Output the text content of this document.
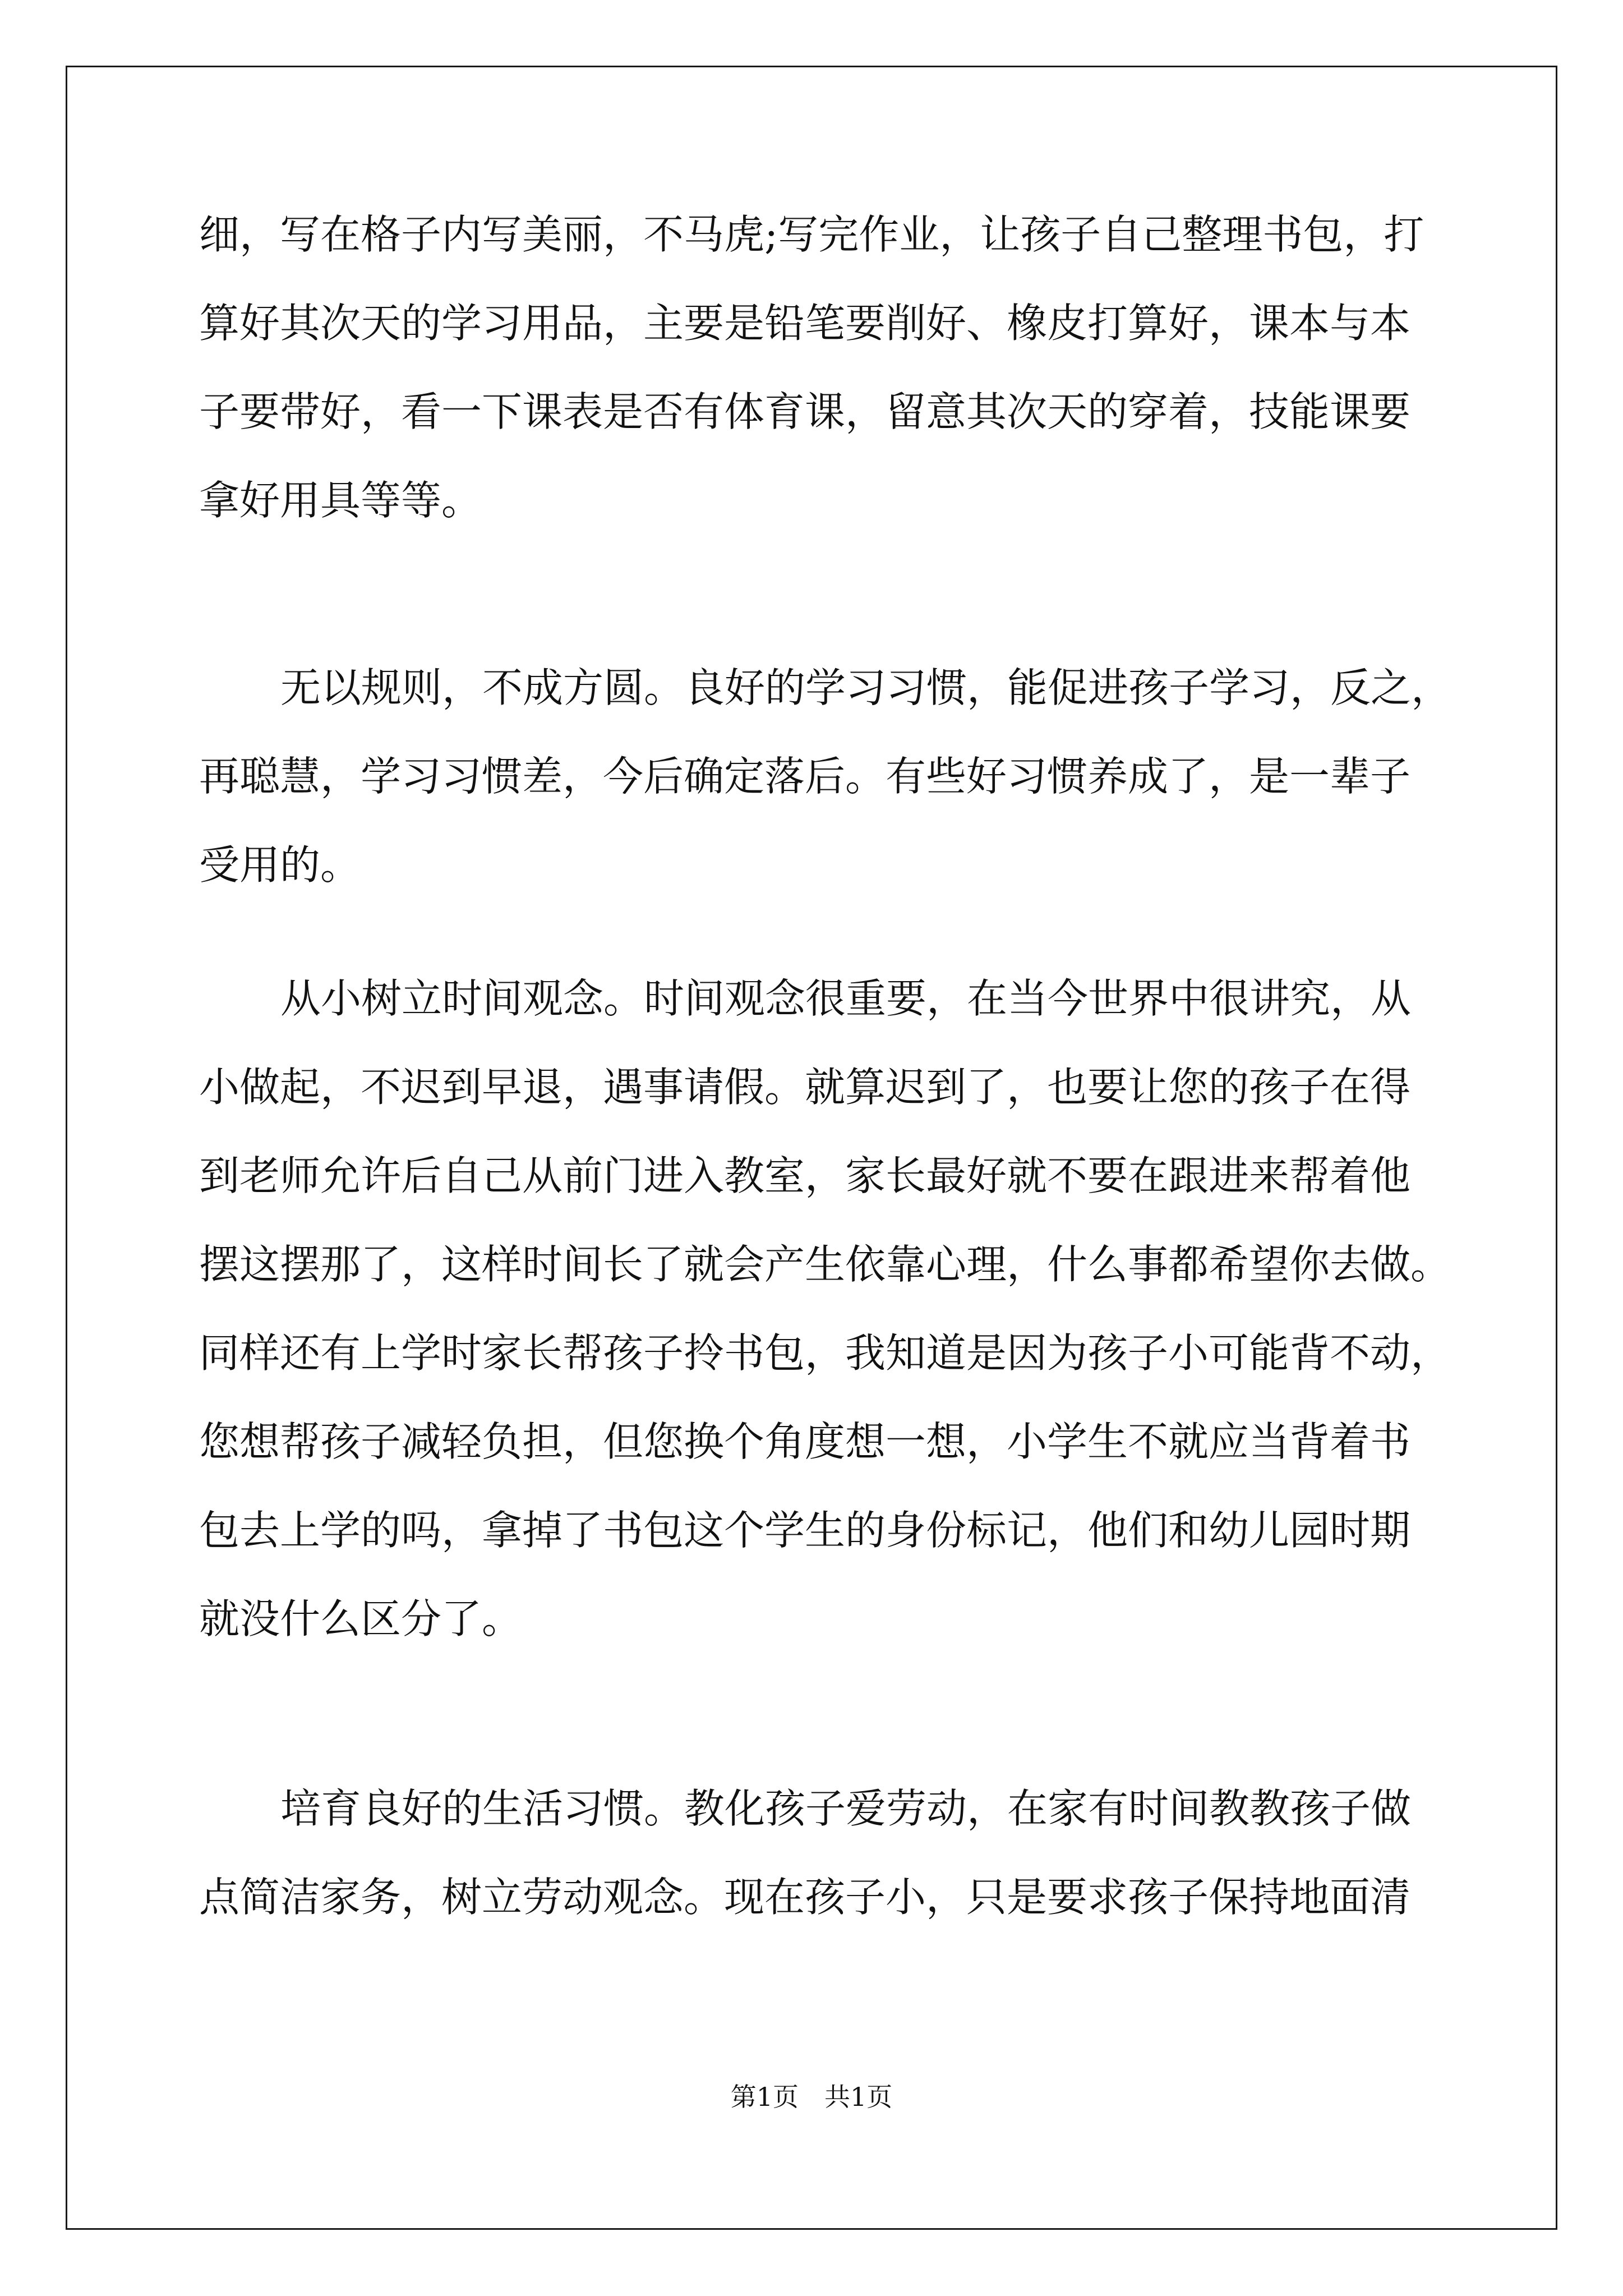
细，写在格子内写美丽，不马虎;写完作业，让孩子自己整理书包，打
算好其次天的学习用品，主要是铅笔要削好、橡皮打算好，课本与本
子要带好，看一下课表是否有体育课，留意其次天的穿着，技能课要
拿好用具等等。
无以规则，不成方圆。良好的学习习惯，能促进孩子学习，反之，
再聪慧，学习习惯差，今后确定落后。有些好习惯养成了，是一辈子
受用的。
从小树立时间观念。时间观念很重要，在当今世界中很讲究，从
小做起，不迟到早退，遇事请假。就算迟到了，也要让您的孩子在得
到老师允许后自己从前门进入教室，家长最好就不要在跟进来帮着他
摆这摆那了，这样时间长了就会产生依靠心理，什么事都希望你去做。
同样还有上学时家长帮孩子拎书包，我知道是因为孩子小可能背不动，
您想帮孩子减轻负担，但您换个角度想一想，小学生不就应当背着书
包去上学的吗，拿掉了书包这个学生的身份标记，他们和幼儿园时期
就没什么区分了。
培育良好的生活习惯。教化孩子爱劳动，在家有时间教教孩子做
点简洁家务，树立劳动观念。现在孩子小，只是要求孩子保持地面清
第1页　共1页
